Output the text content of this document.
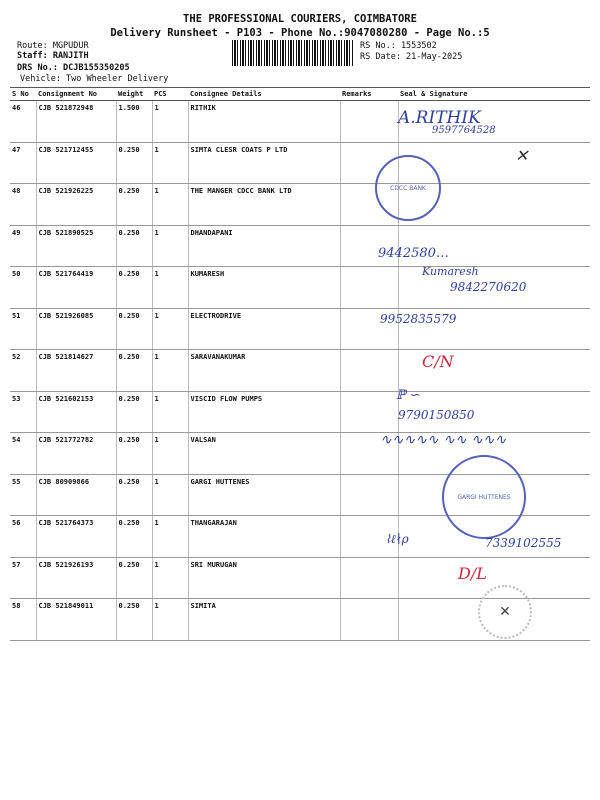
THE PROFESSIONAL COURIERS, COIMBATORE
Delivery Runsheet - P103 - Phone No.:9047080280 - Page No.:5
Route: MGPUDUR
Staff: RANJITH
DRS No.: DCJB155350205
Vehicle: Two Wheeler Delivery
RS No.: 1553502
RS Date: 21-May-2025
S No	Consignment No	Weight	PCS	Consignee Details	Remarks	Seal & Signature
46	CJB 521872948	1.500	1	RITHIK		
47	CJB 521712455	0.250	1	SIMTA CLESR COATS P LTD		
48	CJB 521926225	0.250	1	THE MANGER CDCC BANK LTD		
49	CJB 521890525	0.250	1	DHANDAPANI		
50	CJB 521764419	0.250	1	KUMARESH		
51	CJB 521926085	0.250	1	ELECTRODRIVE		
52	CJB 521814627	0.250	1	SARAVANAKUMAR		
53	CJB 521602153	0.250	1	VISCID FLOW PUMPS		
54	CJB 521772782	0.250	1	VALSAN		
55	CJB 80909866	0.250	1	GARGI HUTTENES		
56	CJB 521764373	0.250	1	THANGARAJAN		
57	CJB 521926193	0.250	1	SRI MURUGAN		
58	CJB 521849011	0.250	1	SIMITA		
A.RITHIK
9597764528
✕
CDCC BANK
9442580…
Kumaresh
9842270620
9952835579
C/N
ℙ ∽
9790150850
∿∿∿∿∿ ∿∿ ∿∿∿
GARGI HUTTENES
⌇ℓ∤ρ	7339102555
D/L
✕
